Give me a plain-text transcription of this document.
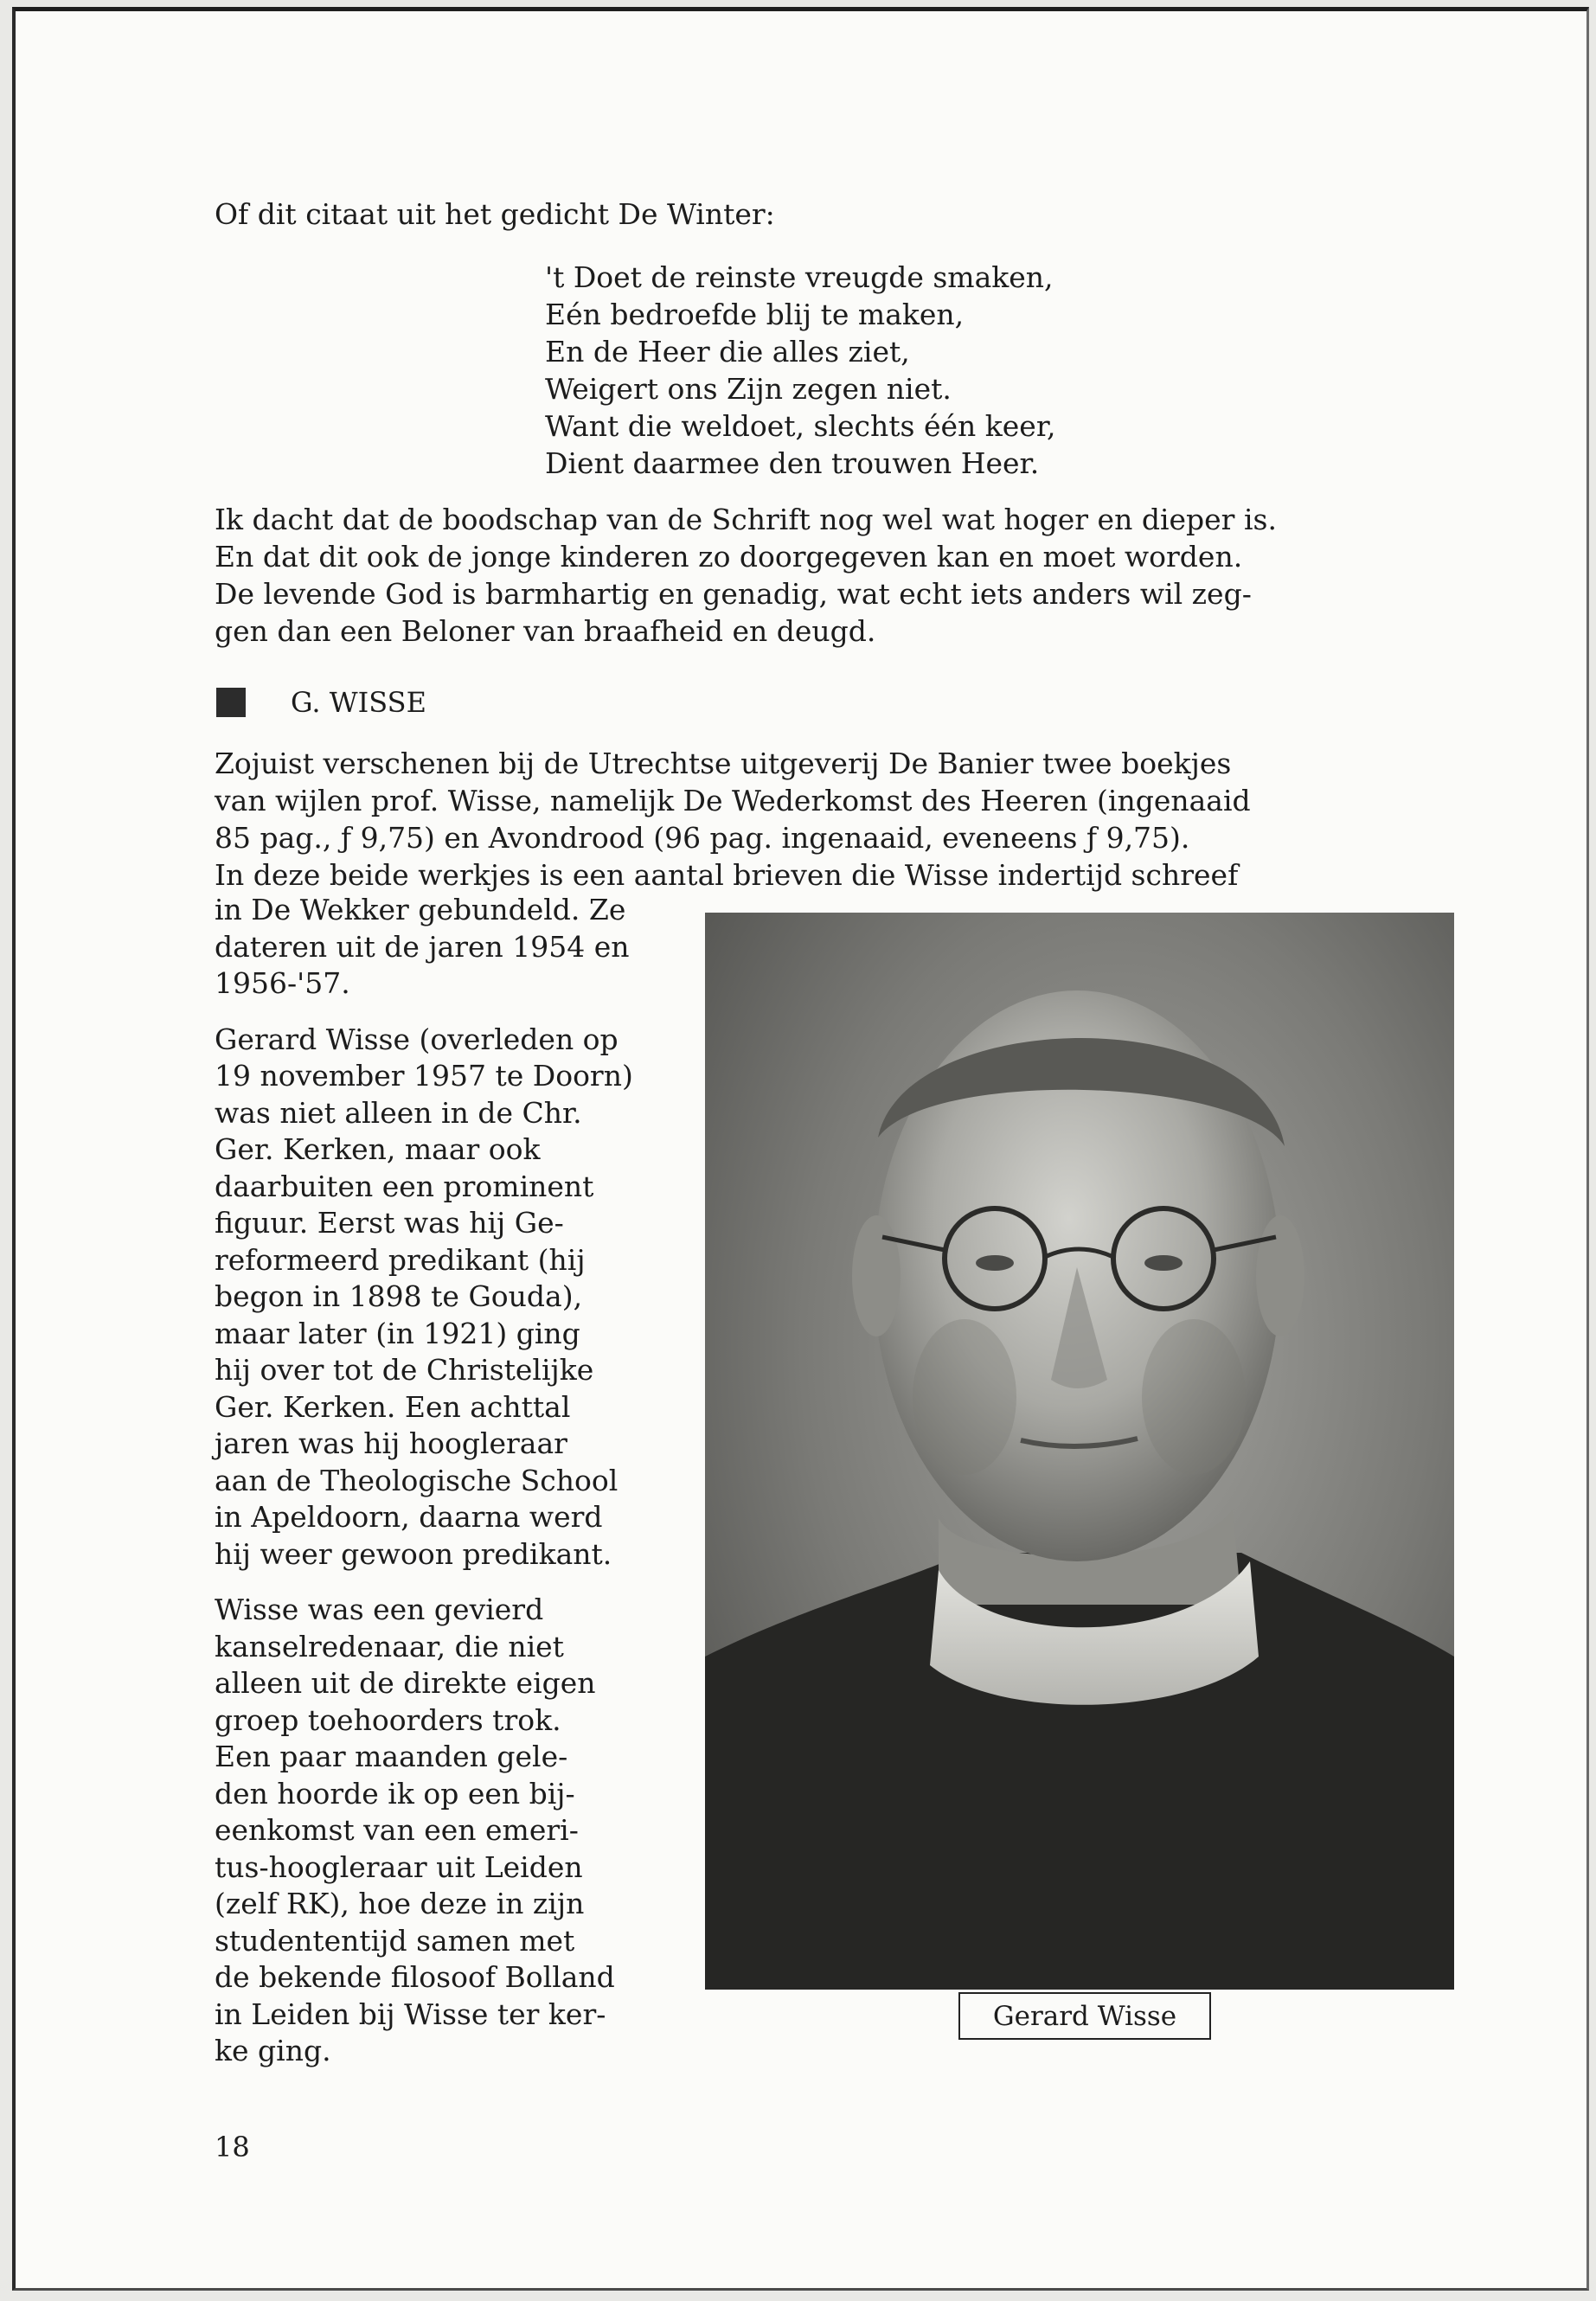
Of dit citaat uit het gedicht De Winter:

't Doet de reinste vreugde smaken,
Eén bedroefde blij te maken,
En de Heer die alles ziet,
Weigert ons Zijn zegen niet.
Want die weldoet, slechts één keer,
Dient daarmee den trouwen Heer.
Ik dacht dat de boodschap van de Schrift nog wel wat hoger en dieper is.
En dat dit ook de jonge kinderen zo doorgegeven kan en moet worden.
De levende God is barmhartig en genadig, wat echt iets anders wil zeg-
gen dan een Beloner van braafheid en deugd.

G. WISSE

Zojuist verschenen bij de Utrechtse uitgeverij De Banier twee boekjes
van wijlen prof. Wisse, namelijk De Wederkomst des Heeren (ingenaaid
85 pag., ƒ 9,75) en Avondrood (96 pag. ingenaaid, eveneens ƒ 9,75).
In deze beide werkjes is een aantal brieven die Wisse indertijd schreef
in De Wekker gebundeld. Ze
dateren uit de jaren 1954 en
1956-'57.
Gerard Wisse (overleden op
19 november 1957 te Doorn)
was niet alleen in de Chr.
Ger. Kerken, maar ook
daarbuiten een prominent
figuur. Eerst was hij Ge-
reformeerd predikant (hij
begon in 1898 te Gouda),
maar later (in 1921) ging
hij over tot de Christelijke
Ger. Kerken. Een achttal
jaren was hij hoogleraar
aan de Theologische School
in Apeldoorn, daarna werd
hij weer gewoon predikant.
Wisse was een gevierd
kanselredenaar, die niet
alleen uit de direkte eigen
groep toehoorders trok.
Een paar maanden gele-
den hoorde ik op een bij-
eenkomst van een emeri-
tus-hoogleraar uit Leiden
(zelf RK), hoe deze in zijn
studententijd samen met
de bekende filosoof Bolland
in Leiden bij Wisse ter ker-
ke ging.
Gerard Wisse

18
